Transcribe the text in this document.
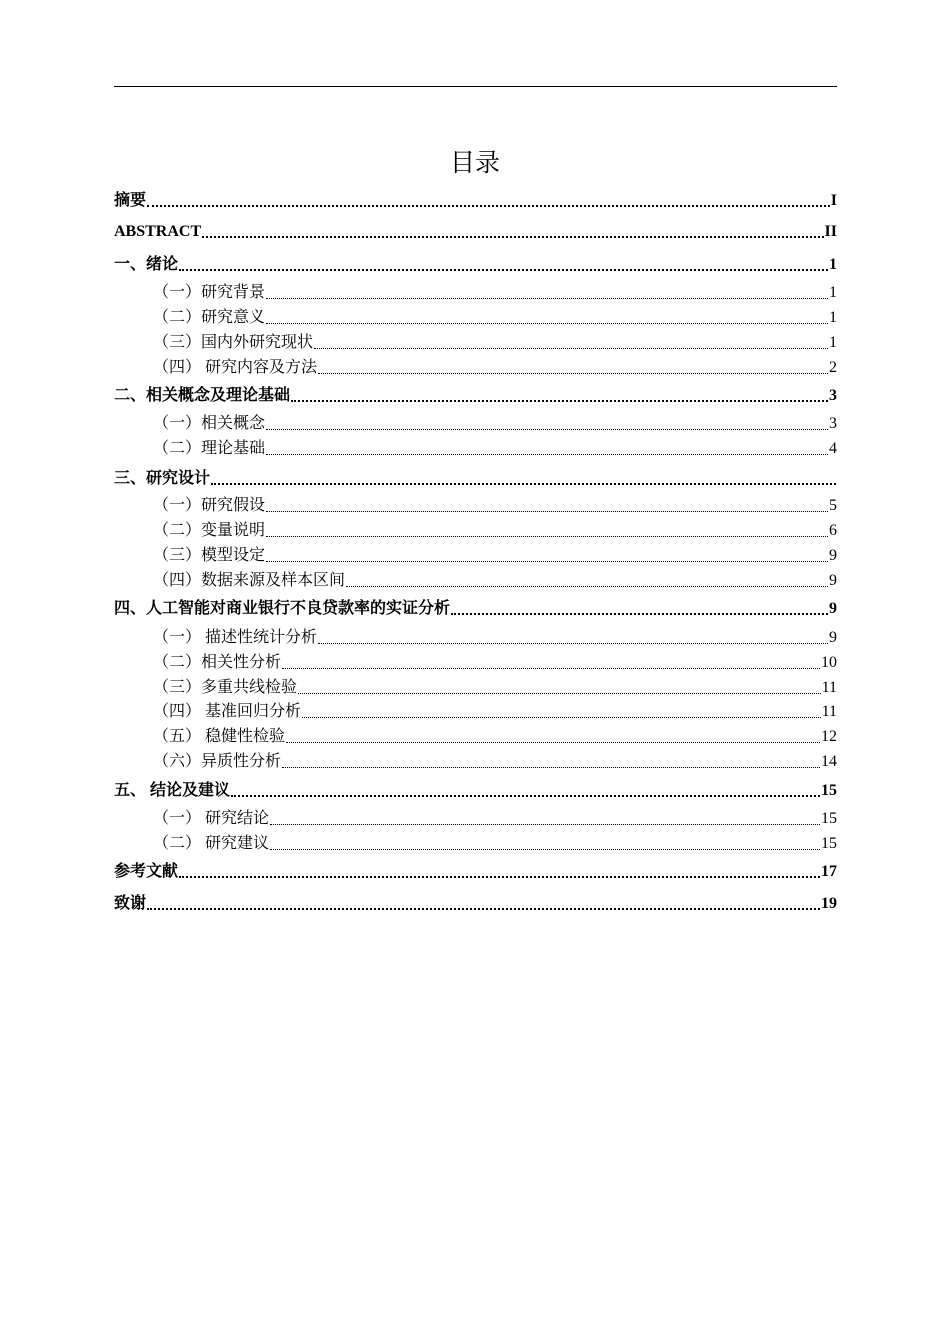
目录
摘要	I
ABSTRACT	II
一、绪论	1
（一）研究背景	1
（二）研究意义	1
（三）国内外研究现状	1
（四） 研究内容及方法	2
二、相关概念及理论基础	3
（一）相关概念	3
（二）理论基础	4
三、研究设计
（一）研究假设	5
（二）变量说明	6
（三）模型设定	9
（四）数据来源及样本区间	9
四、人工智能对商业银行不良贷款率的实证分析	9
（一） 描述性统计分析	9
（二）相关性分析	10
（三）多重共线检验	11
（四） 基准回归分析	11
（五） 稳健性检验	12
（六）异质性分析	14
五、 结论及建议	15
（一） 研究结论	15
（二） 研究建议	15
参考文献	17
致谢	19
